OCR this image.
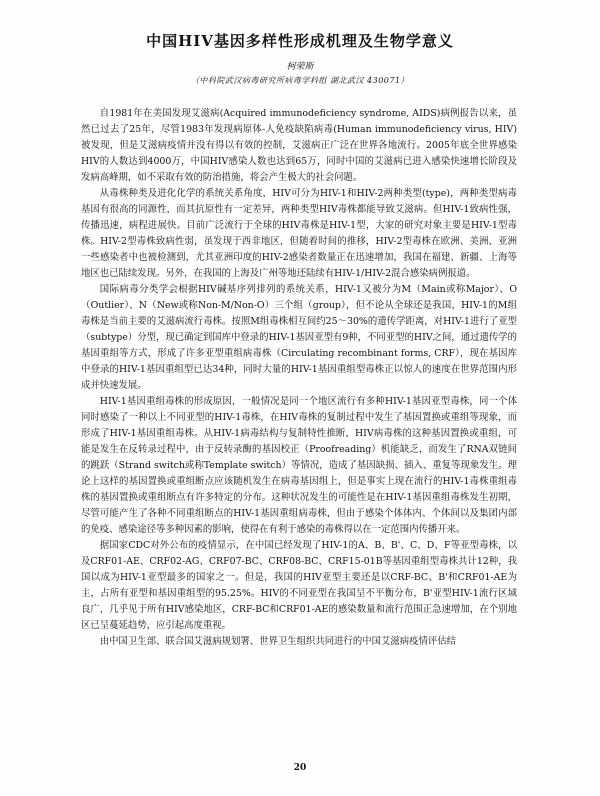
中国HIV基因多样性形成机理及生物学意义
柯荣斯
（中科院武汉病毒研究所病毒学科组 湖北武汉 430071）

自1981年在美国发现艾滋病(Acquired immunodeficiency syndrome, AIDS)病例报告以来，虽然已过去了25年，尽管1983年发现病原体-人免疫缺陷病毒(Human immunodeficiency virus, HIV)被发现，但是艾滋病疫情并没有得以有效的控制，艾滋病正广泛在世界各地流行。2005年底全世界感染HIV的人数达到4000万，中国HIV感染人数也达到65万，同时中国的艾滋病已进入感染快速增长阶段及发病高峰期，如不采取有效的防治措施，将会产生极大的社会问题。

从毒株种类及进化化学的系统关系角度，HIV可分为HIV-1和HIV-2两种类型(type)，两种类型病毒基因有很高的同源性，而其抗原性有一定差异，两种类型HIV毒株都能导致艾滋病。但HIV-1致病性强，传播迅速，病程进展快。目前广泛流行于全球的HIV毒株是HIV-1型，大家的研究对象主要是HIV-1型毒株。HIV-2型毒株致病性弱，虽发现于西非地区，但随着时间的推移，HIV-2型毒株在欧洲、美洲、亚洲一些感染者中也被检测到，尤其亚洲印度的HIV-2感染者数量正在迅速增加，我国在福建、新疆、上海等地区也已陆续发现。另外，在我国的上海及广州等地还陆续有HIV-1/HIV-2混合感染病例报道。

国际病毒分类学会根据HIV碱基序列排列的系统关系，HIV-1又被分为M（Main或称Major）、O（Outlier）、N（New或称Non-M/Non-O）三个组（group），但不论从全球还是我国，HIV-1的M组毒株是当前主要的艾滋病流行毒株。按照M组毒株相互间约25～30%的遗传学距离，对HIV-1进行了亚型（subtype）分型，现已确定到国库中登录的HIV-1基因亚型有9种，不同亚型的HIV之间，通过遗传学的基因重组等方式，形成了许多亚型重组病毒株（Circulating recombinant forms, CRF），现在基因库中登录的HIV-1基因重组型已达34种，同时大量的HIV-1基因重组型毒株正以惊人的速度在世界范围内形成并快速发展。

HIV-1基因重组毒株的形成原因，一般情况是同一个地区流行有多种HIV-1基因亚型毒株，同一个体同时感染了一种以上不同亚型的HIV-1毒株，在HIV毒株的复制过程中发生了基因置换或重组等现象，而形成了HIV-1基因重组毒株。从HIV-1病毒结构与复制特性推断，HIV病毒株的这种基因置换或重组，可能是发生在反转录过程中，由于反转录酶的基因校正（Proofreading）机能缺乏，而发生了RNA双链间的跳跃（Strand switch或称Template switch）等情况，造成了基因缺损、插入、重复等现象发生。理论上这样的基因置换或重组断点应该随机发生在病毒基因组上，但是事实上现在流行的HIV-1毒株重组毒株的基因置换或重组断点有许多特定的分布。这种状况发生的可能性是在HIV-1基因重组毒株发生初期，尽管可能产生了各种不同重组断点的HIV-1基因重组病毒株，但由于感染个体体内、个体间以及集团内部的免疫、感染途径等多种因素的影响，使得在有利于感染的毒株得以在一定范围内传播开来。

据国家CDC对外公布的疫情显示，在中国已经发现了HIV-1的A、B、B'、C、D、F等亚型毒株，以及CRF01-AE、CRF02-AG、CRF07-BC、CRF08-BC、CRF15-01B等基因重组型毒株共计12种，我国以成为HIV-1亚型最多的国家之一。但是，我国的HIV亚型主要还是以CRF-BC、B'和CRF01-AE为主，占所有亚型和基因重组型的95.25%。HIV的不同亚型在我国呈不平衡分布，B'亚型HIV-1流行区域良广，几乎见于所有HIV感染地区，CRF-BC和CRF01-AE的感染数量和流行范围正急速增加，在个别地区已呈蔓延趋势，应引起高度重视。

由中国卫生部、联合国艾滋病规划署、世界卫生组织共同进行的中国艾滋病疫情评估结

20
